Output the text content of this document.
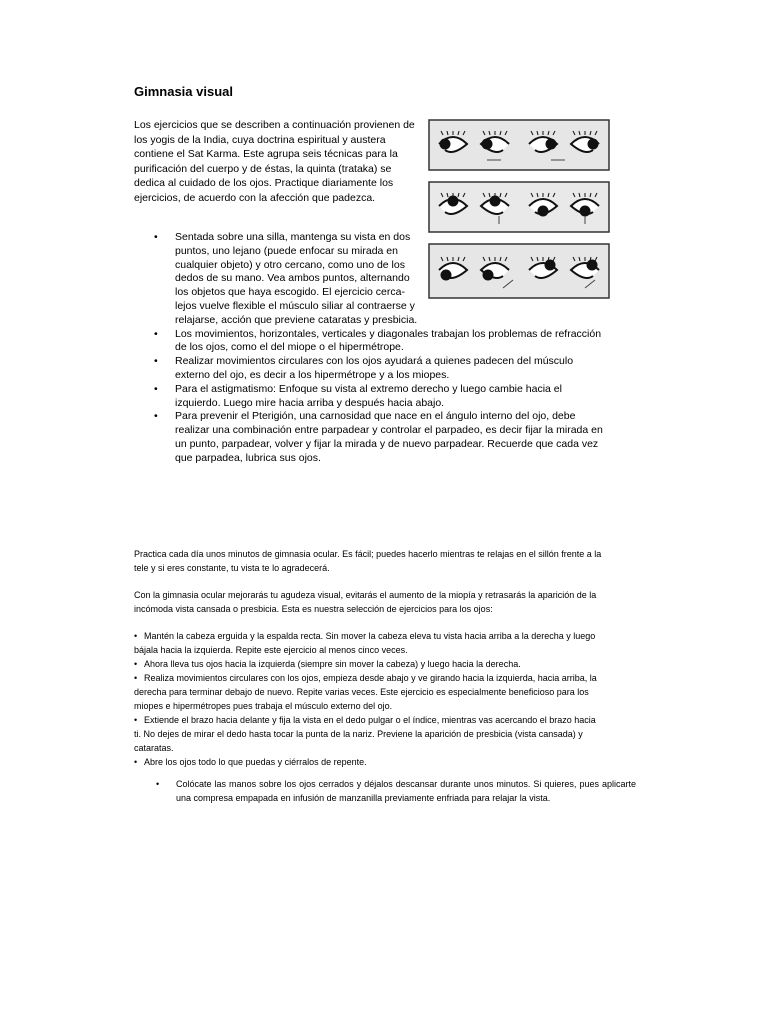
Gimnasia visual

Los ejercicios que se describen a continuación provienen de los yogis de la India, cuya doctrina espiritual y austera contiene el Sat Karma. Este agrupa seis técnicas para la purificación del cuerpo y de éstas, la quinta (trataka) se dedica al cuidado de los ojos. Practique diariamente los ejercicios, de acuerdo con la afección que padezca.

• Sentada sobre una silla, mantenga su vista en dos puntos, uno lejano (puede enfocar su mirada en cualquier objeto) y otro cercano, como uno de los dedos de su mano. Vea ambos puntos, alternando los objetos que haya escogido. El ejercicio cerca-lejos vuelve flexible el músculo siliar al contraerse y relajarse, acción que previene cataratas y presbicia.
• Los movimientos, horizontales, verticales y diagonales trabajan los problemas de refracción de los ojos, como el del miope o el hipermétrope.
• Realizar movimientos circulares con los ojos ayudará a quienes padecen del músculo externo del ojo, es decir a los hipermétrope y a los miopes.
• Para el astigmatismo: Enfoque su vista al extremo derecho y luego cambie hacia el izquierdo. Luego mire hacia arriba y después hacia abajo.
• Para prevenir el Pterigión, una carnosidad que nace en el ángulo interno del ojo, debe realizar una combinación entre parpadear y controlar el parpadeo, es decir fijar la mirada en un punto, parpadear, volver y fijar la mirada y de nuevo parpadear. Recuerde que cada vez que parpadea, lubrica sus ojos.

Practica cada día unos minutos de gimnasia ocular. Es fácil; puedes hacerlo mientras te relajas en el sillón frente a la tele y si eres constante, tu vista te lo agradecerá.

Con la gimnasia ocular mejorarás tu agudeza visual, evitarás el aumento de la miopía y retrasarás la aparición de la incómoda vista cansada o presbicia. Esta es nuestra selección de ejercicios para los ojos:

• Mantén la cabeza erguida y la espalda recta. Sin mover la cabeza eleva tu vista hacia arriba a la derecha y luego bájala hacia la izquierda. Repite este ejercicio al menos cinco veces.
• Ahora lleva tus ojos hacia la izquierda (siempre sin mover la cabeza) y luego hacia la derecha.
• Realiza movimientos circulares con los ojos, empieza desde abajo y ve girando hacia la izquierda, hacia arriba, la derecha para terminar debajo de nuevo. Repite varias veces. Este ejercicio es especialmente beneficioso para los miopes e hipermétropes pues trabaja el músculo externo del ojo.
• Extiende el brazo hacia delante y fija la vista en el dedo pulgar o el índice, mientras vas acercando el brazo hacia ti. No dejes de mirar el dedo hasta tocar la punta de la nariz. Previene la aparición de presbicia (vista cansada) y cataratas.
• Abre los ojos todo lo que puedas y ciérralos de repente.
• Colócate las manos sobre los ojos cerrados y déjalos descansar durante unos minutos. Si quieres, pues aplicarte una compresa empapada en infusión de manzanilla previamente enfriada para relajar la vista.
